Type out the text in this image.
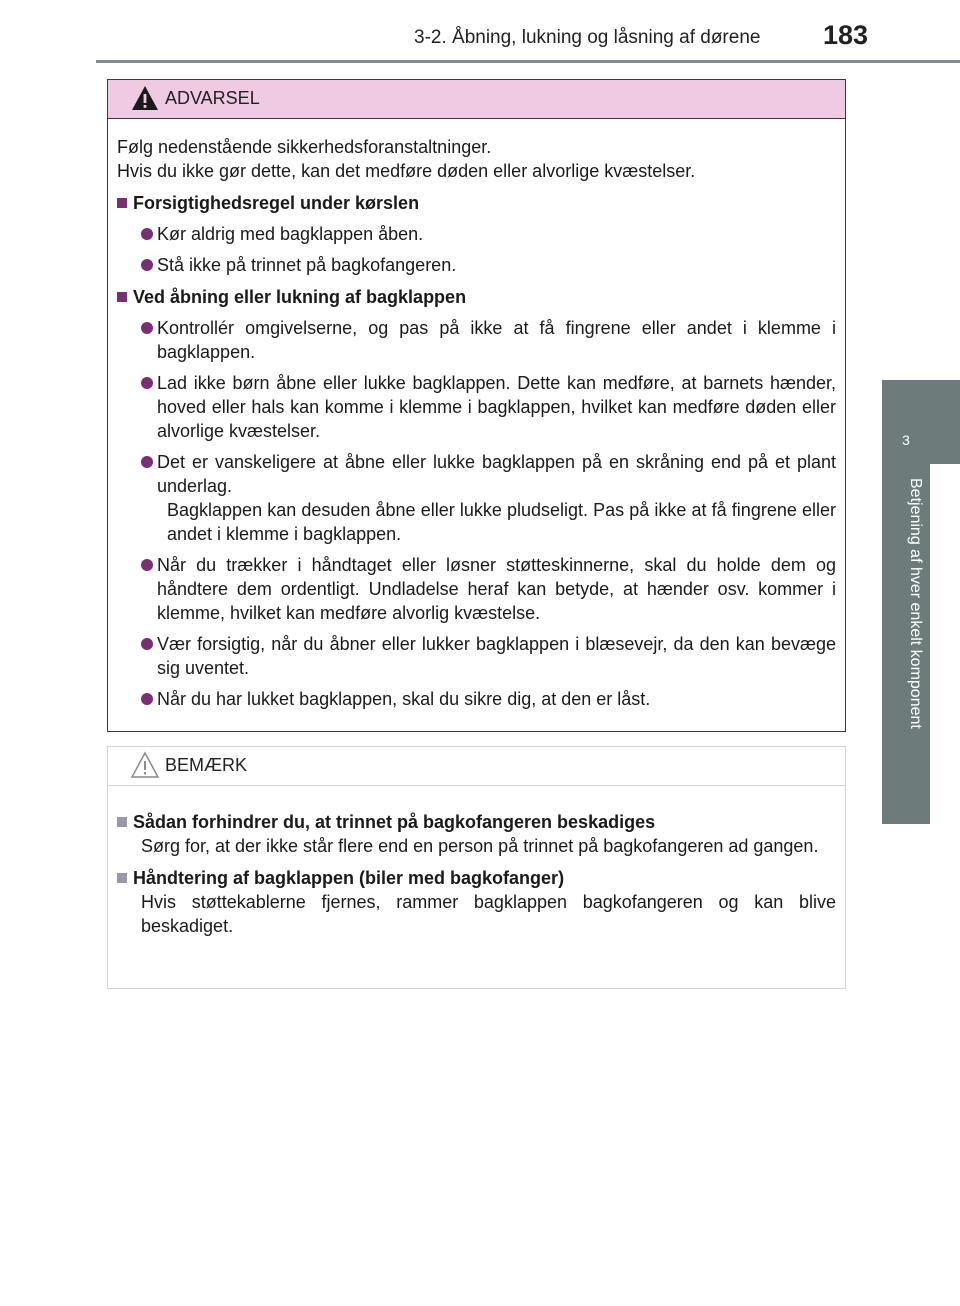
3-2. Åbning, lukning og låsning af dørene 183
3
Betjening af hver enkelt komponent
ADVARSEL

Følg nedenstående sikkerhedsforanstaltninger.

Hvis du ikke gør dette, kan det medføre døden eller alvorlige kvæstelser.

Forsigtighedsregel under kørslen
Kør aldrig med bagklappen åben.
Stå ikke på trinnet på bagkofangeren.
Ved åbning eller lukning af bagklappen
Kontrollér omgivelserne, og pas på ikke at få fingrene eller andet i klemme i bagklappen.
Lad ikke børn åbne eller lukke bagklappen. Dette kan medføre, at barnets hænder, hoved eller hals kan komme i klemme i bagklappen, hvilket kan medføre døden eller alvorlige kvæstelser.
Det er vanskeligere at åbne eller lukke bagklappen på en skråning end på et plant underlag.
Bagklappen kan desuden åbne eller lukke pludseligt. Pas på ikke at få fingrene eller andet i klemme i bagklappen.
Når du trækker i håndtaget eller løsner støtteskinnerne, skal du holde dem og håndtere dem ordentligt. Undladelse heraf kan betyde, at hænder osv. kommer i klemme, hvilket kan medføre alvorlig kvæstelse.
Vær forsigtig, når du åbner eller lukker bagklappen i blæsevejr, da den kan bevæge sig uventet.
Når du har lukket bagklappen, skal du sikre dig, at den er låst.
BEMÆRK
Sådan forhindrer du, at trinnet på bagkofangeren beskadiges

Sørg for, at der ikke står flere end en person på trinnet på bagkofangeren ad gangen.

Håndtering af bagklappen (biler med bagkofanger)

Hvis støttekablerne fjernes, rammer bagklappen bagkofangeren og kan blive beskadiget.
